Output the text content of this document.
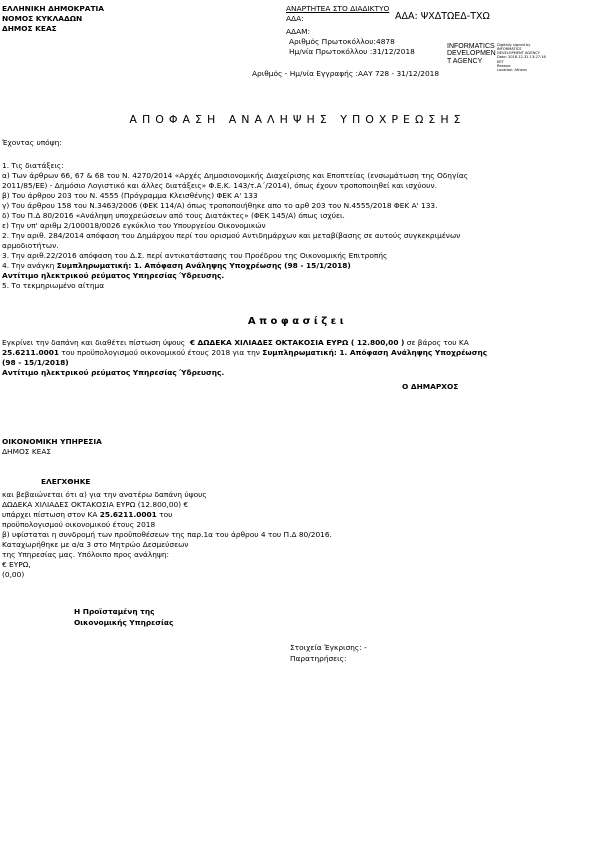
ΕΛΛΗΝΙΚΗ ΔΗΜΟΚΡΑΤΙΑ
ΝΟΜΟΣ ΚΥΚΛΑΔΩΝ
ΔΗΜΟΣ ΚΕΑΣ
ΑΝΑΡΤΗΤΕΑ ΣΤΟ ΔΙΑΔΙΚΤΥΟ
ΑΔΑ:	ΑΔΑ: ΨΧΔΤΩΕΔ-ΤΧΩ
ΑΔΑΜ:
Αριθμός Πρωτοκόλλου:4878
Ημ/νία Πρωτοκόλλου :31/12/2018
Αριθμός - Ημ/νία Εγγραφής :ΑΑΥ 728 - 31/12/2018
INFORMATICS
DEVELOPMEN
T AGENCY
Digitally signed by
INFORMATICS
DEVELOPMENT AGENCY
Date: 2018.12.31 13:27:16
EET
Reason:
Location: Athens
ΑΠΟΦΑΣΗ ΑΝΑΛΗΨΗΣ ΥΠΟΧΡΕΩΣΗΣ
Έχοντας υπόψη:
1. Τις διατάξεις:
α) Των άρθρων 66, 67 & 68 του Ν. 4270/2014 «Αρχές Δημοσιονομικής Διαχείρισης και Εποπτείας (ενσωμάτωση της Οδηγίας
2011/85/ΕΕ) - Δημόσιο Λογιστικό και άλλες διατάξεις» Φ.Ε.Κ. 143/τ.Α΄/2014), όπως έχουν τροποποιηθεί και ισχύουν.
β) Του άρθρου 203 του Ν. 4555 (Πρόγραμμα Κλεισθένης) ΦΕΚ Α' 133
γ) Του άρθρου 158 του Ν.3463/2006 (ΦΕΚ 114/Α) όπως τροποποιήθηκε απο το αρθ 203 του Ν.4555/2018 ΦΕΚ Α' 133.
δ) Του Π.Δ 80/2016 «Ανάληψη υποχρεώσεων από τους Διατάκτες» (ΦΕΚ 145/Α) όπως ισχύει.
ε) Την υπ' αριθμ 2/100018/0026 εγκύκλιο του Υπουργείου Οικονομικών
2. Την αριθ. 284/2014 απόφαση του Δημάρχου περί του ορισμού Αντιδημάρχων και μεταβίβασης σε αυτούς συγκεκριμένων
αρμοδιοτήτων.
3. Την αριθ.22/2016 απόφαση του Δ.Σ. περί αντικατάστασης του Προέδρου της Οικονομικής Επιτροπής
4. Την ανάγκη Συμπληρωματική: 1. Απόφαση Ανάληψης Υποχρέωσης (98 - 15/1/2018)
Αντίτιμο ηλεκτρικού ρεύματος Υπηρεσίας Ύδρευσης.
5. Το τεκμηριωμένο αίτημα
Αποφασίζει
Εγκρίνει την δαπάνη και διαθέτει πίστωση ύψους € ΔΩΔΕΚΑ ΧΙΛΙΑΔΕΣ ΟΚΤΑΚΟΣΙΑ ΕΥΡΩ ( 12.800,00 ) σε βάρος του ΚΑ
25.6211.0001 του προϋπολογισμού οικονομικού έτους 2018 για την Συμπληρωματική: 1. Απόφαση Ανάληψης Υποχρέωσης
(98 - 15/1/2018)
Αντίτιμο ηλεκτρικού ρεύματος Υπηρεσίας Ύδρευσης.
Ο ΔΗΜΑΡΧΟΣ
ΟΙΚΟΝΟΜΙΚΗ ΥΠΗΡΕΣΙΑ
ΔΗΜΟΣ ΚΕΑΣ
ΕΛΕΓΧΘΗΚΕ
και βεβαιώνεται ότι α) για την ανατέρω δαπάνη ύψους
ΔΩΔΕΚΑ ΧΙΛΙΑΔΕΣ ΟΚΤΑΚΟΣΙΑ ΕΥΡΩ (12.800,00) €
υπάρχει πίστωση στον ΚΑ 25.6211.0001 του
προϋπολογισμού οικονομικού έτους 2018
β) υφίσταται η συνδρομή των προϋποθέσεων της παρ.1α του άρθρου 4 του Π.Δ 80/2016.
Καταχωρήθηκε με α/α 3 στο Μητρώο Δεσμεύσεων
της Υπηρεσίας μας. Υπόλοιπο προς ανάληψη:
€ ΕΥΡΩ,
(0,00)
Η Προϊσταμένη της
Οικονομικής Υπηρεσίας
Στοιχεία Έγκρισης: -
Παρατηρήσεις:
